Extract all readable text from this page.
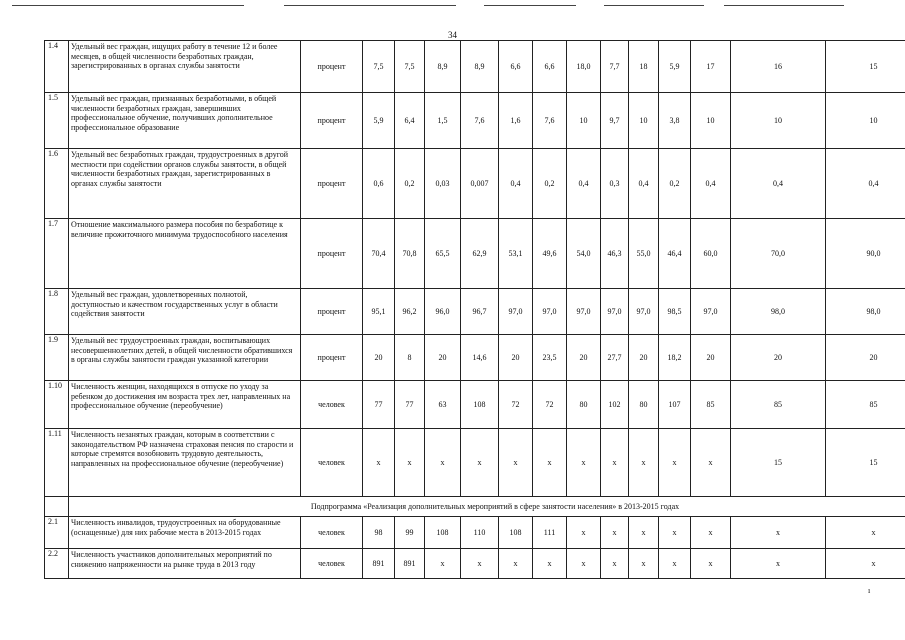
34
1.4	Удельный вес граждан, ищущих работу в течение 12 и более месяцев, в общей численности безработных граждан, зарегистрированных в органах службы занятости	процент	7,5	7,5	8,9	8,9	6,6	6,6	18,0	7,7	18	5,9	17	16	15
1.5	Удельный вес граждан, признанных безработными, в общей численности безработных граждан, завершивших профессиональное обучение, получивших дополнительное профессиональное образование	процент	5,9	6,4	1,5	7,6	1,6	7,6	10	9,7	10	3,8	10	10	10
1.6	Удельный вес безработных граждан, трудоустроенных в другой местности при содействии органов службы занятости, в общей численности безработных граждан, зарегистрированных в органах службы занятости	процент	0,6	0,2	0,03	0,007	0,4	0,2	0,4	0,3	0,4	0,2	0,4	0,4	0,4
1.7	Отношение максимального размера пособия по безработице к величине прожиточного минимума трудоспособного населения	процент	70,4	70,8	65,5	62,9	53,1	49,6	54,0	46,3	55,0	46,4	60,0	70,0	90,0
1.8	Удельный вес граждан, удовлетворенных полнотой, доступностью и качеством государственных услуг в области содействия занятости	процент	95,1	96,2	96,0	96,7	97,0	97,0	97,0	97,0	97,0	98,5	97,0	98,0	98,0
1.9	Удельный вес трудоустроенных граждан, воспитывающих несовершеннолетних детей, в общей численности обратившихся в органы службы занятости граждан указанной категории	процент	20	8	20	14,6	20	23,5	20	27,7	20	18,2	20	20	20
1.10	Численность женщин, находящихся в отпуске по уходу за ребенком до достижения им возраста трех лет, направленных на профессиональное обучение (переобучение)	человек	77	77	63	108	72	72	80	102	80	107	85	85	85
1.11	Численность незанятых граждан, которым в соответствии с законодательством РФ назначена страховая пенсия по старости и которые стремятся возобновить трудовую деятельность, направленных на профессиональное обучение (переобучение)	человек	х	х	х	х	х	х	х	х	х	х	х	15	15
	Подпрограмма «Реализация дополнительных мероприятий в сфере занятости населения» в 2013-2015 годах														
2.1	Численность инвалидов, трудоустроенных на оборудованные (оснащенные) для них рабочие места в 2013-2015 годах	человек	98	99	108	110	108	111	х	х	х	х	х	х	х
2.2	Численность участников дополнительных мероприятий по снижению напряженности на рынке труда в 2013 году	человек	891	891	х	х	х	х	х	х	х	х	х	х	х
ı
